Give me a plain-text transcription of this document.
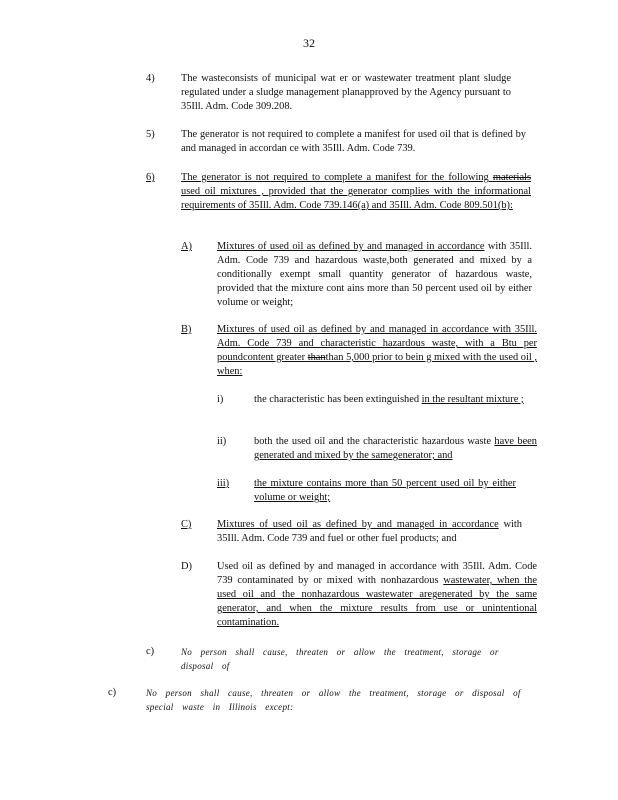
32
4)	The wasteconsists of municipal wat er or wastewater treatment plant sludge regulated under a sludge management planapproved by the Agency pursuant to 35Ill. Adm. Code 309.208.

5)	The generator is not required to complete a manifest for used oil that is defined by and managed in accordan ce with 35Ill. Adm. Code 739.

6)	The generator is not required to complete a manifest for the following materials used oil mixtures , provided that the generator complies with the informational requirements of 35Ill. Adm. Code 739.146(a) and 35Ill. Adm. Code 809.501(b):

A) Mixtures of used oil as defined by and managed in accordance with 35Ill. Adm. Code 739 and hazardous waste,both generated and mixed by a conditionally exempt small quantity generator of hazardous waste, provided that the mixture cont ains more than 50 percent used oil by either volume or weight;

B) Mixtures of used oil as defined by and managed in accordance with 35Ill. Adm. Code 739 and characteristic hazardous waste, with a Btu per poundcontent greater thanthan 5,000 prior to bein g mixed with the used oil , when:

i)	the characteristic has been extinguished in the resultant mixture ;

ii)	both the used oil and the characteristic hazardous waste have been generated and mixed by the samegenerator; and

iii) the mixture contains more than 50 percent used oil by either volume or weight;

C) Mixtures of used oil as defined by and managed in accordance with 35Ill. Adm. Code 739 and fuel or other fuel products; and

D) Used oil as defined by and managed in accordance with 35Ill. Adm. Code 739 contaminated by or mixed with nonhazardous wastewater, when the used oil and the nonhazardous wastewater aregenerated by the same generator, and when the mixture results from use or unintentional contamination.

c)	No person shall cause, threaten or allow the treatment, storage or disposal of

c)	No person shall cause, threaten or allow the treatment, storage or disposal of special waste in Illinois except:
